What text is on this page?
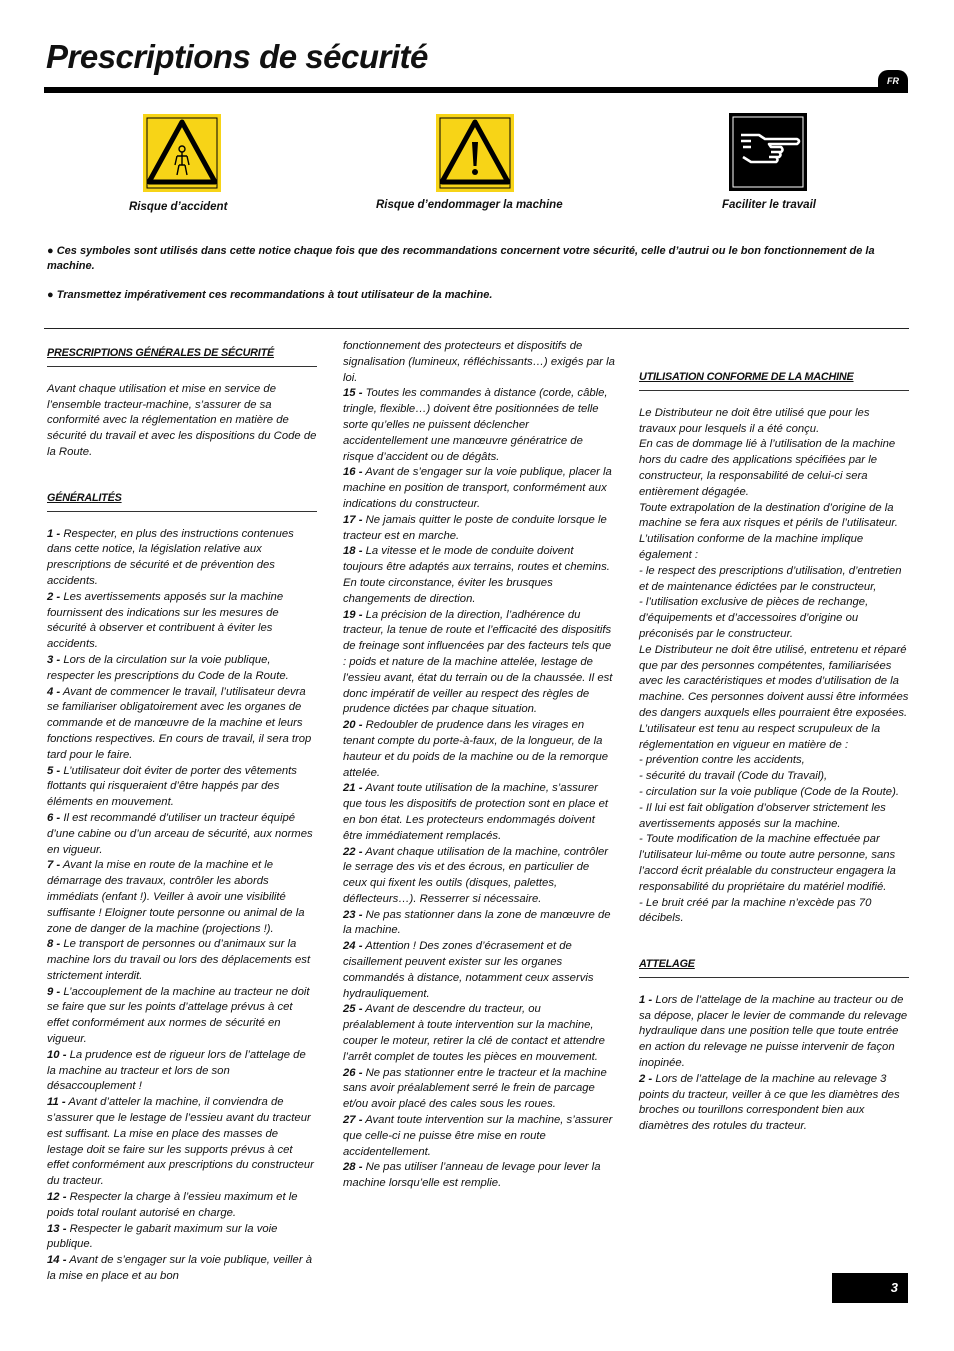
Prescriptions de sécurité
FR
Risque d’accident	Risque d’endommager la machine	Faciliter le travail
● Ces symboles sont utilisés dans cette notice chaque fois que des recommandations concernent votre sécurité, celle d’autrui ou le bon fonctionnement de la machine.
● Transmettez impérativement ces recommandations à tout utilisateur de la machine.
PRESCRIPTIONS GÉNÉRALES DE SÉCURITÉ

Avant chaque utilisation et mise en service de l’ensemble tracteur-machine, s’assurer de sa conformité avec la réglementation en matière de sécurité du travail et avec les dispositions du Code de la Route.

GÉNÉRALITÉS

1 - Respecter, en plus des instructions contenues dans cette notice, la législation relative aux prescriptions de sécurité et de prévention des accidents.

2 - Les avertissements apposés sur la machine fournissent des indications sur les mesures de sécurité à observer et contribuent à éviter les accidents.

3 - Lors de la circulation sur la voie publique, respecter les prescriptions du Code de la Route.

4 - Avant de commencer le travail, l’utilisateur devra se familiariser obligatoirement avec les organes de commande et de manœuvre de la machine et leurs fonctions respectives. En cours de travail, il sera trop tard pour le faire.

5 - L’utilisateur doit éviter de porter des vêtements flottants qui risqueraient d’être happés par des éléments en mouvement.

6 - Il est recommandé d’utiliser un tracteur équipé d’une cabine ou d’un arceau de sécurité, aux normes en vigueur.

7 - Avant la mise en route de la machine et le démarrage des travaux, contrôler les abords immédiats (enfant !). Veiller à avoir une visibilité suffisante ! Eloigner toute personne ou animal de la zone de danger de la machine (projections !).

8 - Le transport de personnes ou d’animaux sur la machine lors du travail ou lors des déplacements est strictement interdit.

9 - L’accouplement de la machine au tracteur ne doit se faire que sur les points d’attelage prévus à cet effet conformément aux normes de sécurité en vigueur.

10 - La prudence est de rigueur lors de l’attelage de la machine au tracteur et lors de son désaccouplement !

11 - Avant d’atteler la machine, il conviendra de s’assurer que le lestage de l’essieu avant du tracteur est suffisant. La mise en place des masses de lestage doit se faire sur les supports prévus à cet effet conformément aux prescriptions du constructeur du tracteur.

12 - Respecter la charge à l’essieu maximum et le poids total roulant autorisé en charge.

13 - Respecter le gabarit maximum sur la voie publique.

14 - Avant de s’engager sur la voie publique, veiller à la mise en place et au bon

fonctionnement des protecteurs et dispositifs de signalisation (lumineux, réfléchissants…) exigés par la loi.

15 - Toutes les commandes à distance (corde, câble, tringle, flexible…) doivent être positionnées de telle sorte qu’elles ne puissent déclencher accidentellement une manœuvre génératrice de risque d’accident ou de dégâts.

16 - Avant de s’engager sur la voie publique, placer la machine en position de transport, conformément aux indications du constructeur.

17 - Ne jamais quitter le poste de conduite lorsque le tracteur est en marche.

18 - La vitesse et le mode de conduite doivent toujours être adaptés aux terrains, routes et chemins. En toute circonstance, éviter les brusques changements de direction.

19 - La précision de la direction, l’adhérence du tracteur, la tenue de route et l’efficacité des dispositifs de freinage sont influencées par des facteurs tels que : poids et nature de la machine attelée, lestage de l’essieu avant, état du terrain ou de la chaussée. Il est donc impératif de veiller au respect des règles de prudence dictées par chaque situation.

20 - Redoubler de prudence dans les virages en tenant compte du porte-à-faux, de la longueur, de la hauteur et du poids de la machine ou de la remorque attelée.

21 - Avant toute utilisation de la machine, s’assurer que tous les dispositifs de protection sont en place et en bon état. Les protecteurs endommagés doivent être immédiatement remplacés.

22 - Avant chaque utilisation de la machine, contrôler le serrage des vis et des écrous, en particulier de ceux qui fixent les outils (disques, palettes, déflecteurs…). Resserrer si nécessaire.

23 - Ne pas stationner dans la zone de manœuvre de la machine.

24 - Attention ! Des zones d’écrasement et de cisaillement peuvent exister sur les organes commandés à distance, notamment ceux asservis hydrauliquement.

25 - Avant de descendre du tracteur, ou préalablement à toute intervention sur la machine, couper le moteur, retirer la clé de contact et attendre l’arrêt complet de toutes les pièces en mouvement.

26 - Ne pas stationner entre le tracteur et la machine sans avoir préalablement serré le frein de parcage et/ou avoir placé des cales sous les roues.

27 - Avant toute intervention sur la machine, s’assurer que celle-ci ne puisse être mise en route accidentellement.

28 - Ne pas utiliser l’anneau de levage pour lever la machine lorsqu’elle est remplie.

UTILISATION CONFORME DE LA MACHINE

Le Distributeur ne doit être utilisé que pour les travaux pour lesquels il a été conçu.

En cas de dommage lié à l’utilisation de la machine hors du cadre des applications spécifiées par le constructeur, la responsabilité de celui-ci sera entièrement dégagée.

Toute extrapolation de la destination d’origine de la machine se fera aux risques et périls de l’utilisateur.

L’utilisation conforme de la machine implique également :

- le respect des prescriptions d’utilisation, d’entretien et de maintenance édictées par le constructeur,

- l’utilisation exclusive de pièces de rechange, d’équipements et d’accessoires d’origine ou préconisés par le constructeur.

Le Distributeur ne doit être utilisé, entretenu et réparé que par des personnes compétentes, familiarisées avec les caractéristiques et modes d’utilisation de la machine. Ces personnes doivent aussi être informées des dangers auxquels elles pourraient être exposées.

L’utilisateur est tenu au respect scrupuleux de la réglementation en vigueur en matière de :

- prévention contre les accidents,

- sécurité du travail (Code du Travail),

- circulation sur la voie publique (Code de la Route).

- Il lui est fait obligation d’observer strictement les avertissements apposés sur la machine.

- Toute modification de la machine effectuée par l’utilisateur lui-même ou toute autre personne, sans l’accord écrit préalable du constructeur engagera la responsabilité du propriétaire du matériel modifié.

- Le bruit créé par la machine n’excède pas 70 décibels.

ATTELAGE

1 - Lors de l’attelage de la machine au tracteur ou de sa dépose, placer le levier de commande du relevage hydraulique dans une position telle que toute entrée en action du relevage ne puisse intervenir de façon inopinée.

2 - Lors de l’attelage de la machine au relevage 3 points du tracteur, veiller à ce que les diamètres des broches ou tourillons correspondent bien aux diamètres des rotules du tracteur.

3
